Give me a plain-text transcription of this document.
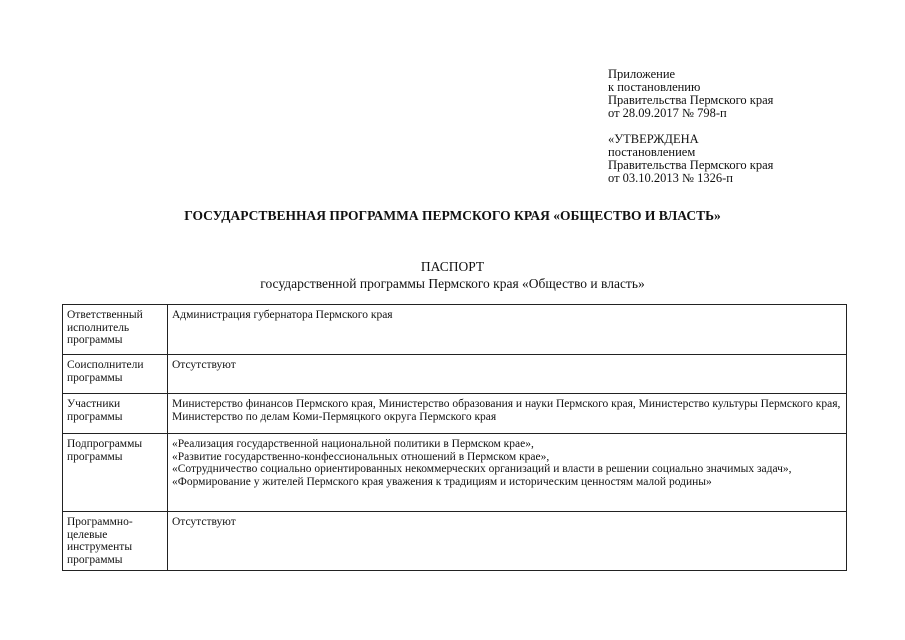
Приложение
к постановлению
Правительства Пермского края
от 28.09.2017 № 798-п
«УТВЕРЖДЕНА
постановлением
Правительства Пермского края
от 03.10.2013 № 1326-п
ГОСУДАРСТВЕННАЯ ПРОГРАММА ПЕРМСКОГО КРАЯ «ОБЩЕСТВО И ВЛАСТЬ»
ПАСПОРТ
государственной программы Пермского края «Общество и власть»
Ответственный исполнитель программы	Администрация губернатора Пермского края

Соисполнители программы	Отсутствуют

Участники программы	Министерство финансов Пермского края, Министерство образования и науки Пермского края, Министерство культуры Пермского края, Министерство по делам Коми-Пермяцкого округа Пермского края

Подпрограммы программы	«Реализация государственной национальной политики в Пермском крае»,
«Развитие государственно-конфессиональных отношений в Пермском крае»,
«Сотрудничество социально ориентированных некоммерческих организаций и власти в решении социально значимых задач»,
«Формирование у жителей Пермского края уважения к традициям и историческим ценностям малой родины»

Программно-целевые инструменты программы	Отсутствуют
